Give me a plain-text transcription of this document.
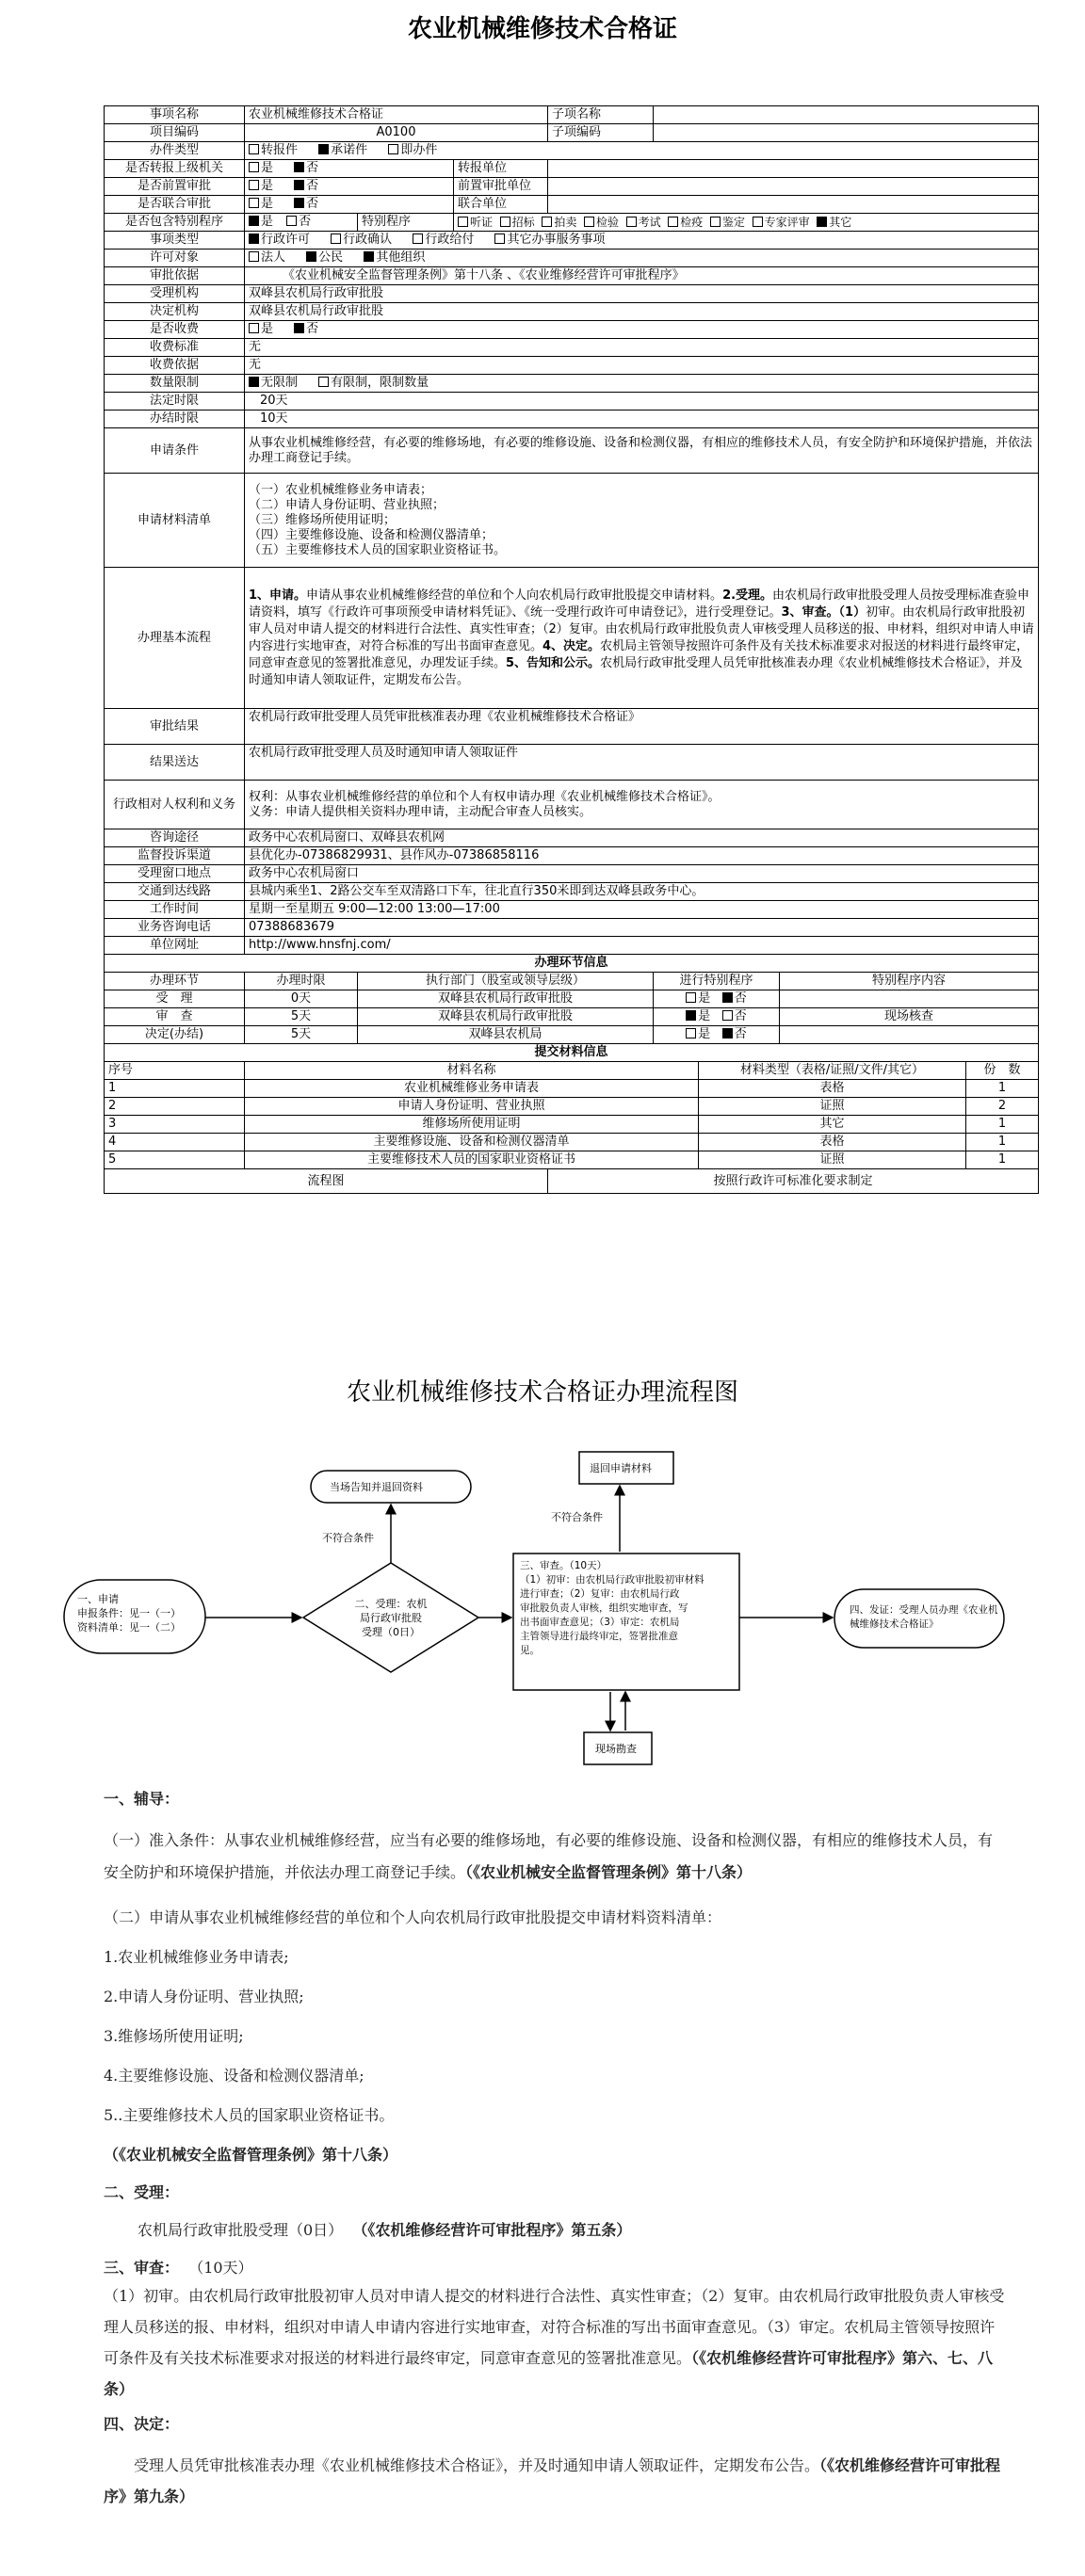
农业机械维修技术合格证
事项名称	农业机械维修技术合格证			子项名称				
项目编码	A0100			子项编码				
办件类型	转报件 承诺件 即办件							
是否转报上级机关	是 否		转报单位					
是否前置审批	是 否		前置审批单位					
是否联合审批	是 否		联合单位					
是否包含特别程序	是 否	特别程序	听证 招标 拍卖 检验 考试 检疫 鉴定 专家评审 其它					
事项类型	行政许可 行政确认 行政给付 其它办事服务事项							
许可对象	法人 公民 其他组织							
审批依据	《农业机械安全监督管理条例》第十八条 、《农业维修经营许可审批程序》							
受理机构	双峰县农机局行政审批股							
决定机构	双峰县农机局行政审批股							
是否收费	是 否							
收费标准	无							
收费依据	无							
数量限制	无限制 有限制，限制数量							
法定时限	20天							
办结时限	10天							
申请条件	从事农业机械维修经营，有必要的维修场地，有必要的维修设施、设备和检测仪器，有相应的维修技术人员，有安全防护和环境保护措施，并依法办理工商登记手续。							
申请材料清单	（一）农业机械维修业务申请表；
（二）申请人身份证明、营业执照；
（三）维修场所使用证明；
（四）主要维修设施、设备和检测仪器清单；
（五）主要维修技术人员的国家职业资格证书。							
办理基本流程	1、申请。申请从事农业机械维修经营的单位和个人向农机局行政审批股提交申请材料。2.受理。由农机局行政审批股受理人员按受理标准查验申请资料，填写《行政许可事项预受申请材料凭证》、《统一受理行政许可申请登记》，进行受理登记。3、审查。（1）初审。由农机局行政审批股初审人员对申请人提交的材料进行合法性、真实性审查；（2）复审。由农机局行政审批股负责人审核受理人员移送的报、申材料，组织对申请人申请内容进行实地审查，对符合标准的写出书面审查意见。4、决定。农机局主管领导按照许可条件及有关技术标准要求对报送的材料进行最终审定，同意审查意见的签署批准意见，办理发证手续。5、告知和公示。农机局行政审批受理人员凭审批核准表办理《农业机械维修技术合格证》，并及时通知申请人领取证件，定期发布公告。							
审批结果	农机局行政审批受理人员凭审批核准表办理《农业机械维修技术合格证》							
结果送达	农机局行政审批受理人员及时通知申请人领取证件							
行政相对人权利和义务	权利：从事农业机械维修经营的单位和个人有权申请办理《农业机械维修技术合格证》。
义务：申请人提供相关资料办理申请，主动配合审查人员核实。							
咨询途径	政务中心农机局窗口、双峰县农机网							
监督投诉渠道	县优化办-07386829931、县作风办-07386858116							
受理窗口地点	政务中心农机局窗口							
交通到达线路	县城内乘坐1、2路公交车至双清路口下车，往北直行350米即到达双峰县政务中心。							
工作时间	星期一至星期五 9:00—12:00 13:00—17:00							
业务咨询电话	07388683679							
单位网址	http://www.hnsfnj.com/							
办理环节信息								
办理环节	办理时限	执行部门（股室或领导层级）			进行特别程序		特别程序内容	
受　理	0天	双峰县农机局行政审批股			是 否			
审　查	5天	双峰县农机局行政审批股			是 否		现场核查	
决定(办结)	5天	双峰县农机局			是 否			
提交材料信息								
序号	材料名称					材料类型（表格/证照/文件/其它）		份　数
1	农业机械维修业务申请表					表格		1
2	申请人身份证明、营业执照					证照		2
3	维修场所使用证明					其它		1
4	主要维修设施、设备和检测仪器清单					表格		1
5	主要维修技术人员的国家职业资格证书					证照		1
流程图				按照行政许可标准化要求制定				
农业机械维修技术合格证办理流程图
一、申请
申报条件：见一（一）
资料清单：见一（二）
当场告知并退回资料
不符合条件
二、受理：农机
局行政审批股
受理（0日）
退回申请材料
不符合条件
三、审查。（10天）
（1）初审：由农机局行政审批股初审材料
进行审查；（2）复审：由农机局行政
审批股负责人审核，组织实地审查，写
出书面审查意见；（3）审定：农机局
主管领导进行最终审定，签署批准意
见。
现场勘查
四、发证：受理人员办理《农业机
械维修技术合格证》

一、辅导：

（一）准入条件：从事农业机械维修经营，应当有必要的维修场地，有必要的维修设施、设备和检测仪器，有相应的维修技术人员，有安全防护和环境保护措施，并依法办理工商登记手续。（《农业机械安全监督管理条例》第十八条）

（二）申请从事农业机械维修经营的单位和个人向农机局行政审批股提交申请材料资料清单：

1.农业机械维修业务申请表;

2.申请人身份证明、营业执照;

3.维修场所使用证明;

4.主要维修设施、设备和检测仪器清单;

5..主要维修技术人员的国家职业资格证书。

（《农业机械安全监督管理条例》第十八条）

二、受理：

农机局行政审批股受理（0日） （《农机维修经营许可审批程序》第五条）

三、审查： （10天）

（1）初审。由农机局行政审批股初审人员对申请人提交的材料进行合法性、真实性审查；（2）复审。由农机局行政审批股负责人审核受理人员移送的报、申材料，组织对申请人申请内容进行实地审查，对符合标准的写出书面审查意见。（3）审定。农机局主管领导按照许可条件及有关技术标准要求对报送的材料进行最终审定，同意审查意见的签署批准意见。（《农机维修经营许可审批程序》第六、七、八条）

四、决定：

受理人员凭审批核准表办理《农业机械维修技术合格证》，并及时通知申请人领取证件，定期发布公告。（《农机维修经营许可审批程序》第九条）
